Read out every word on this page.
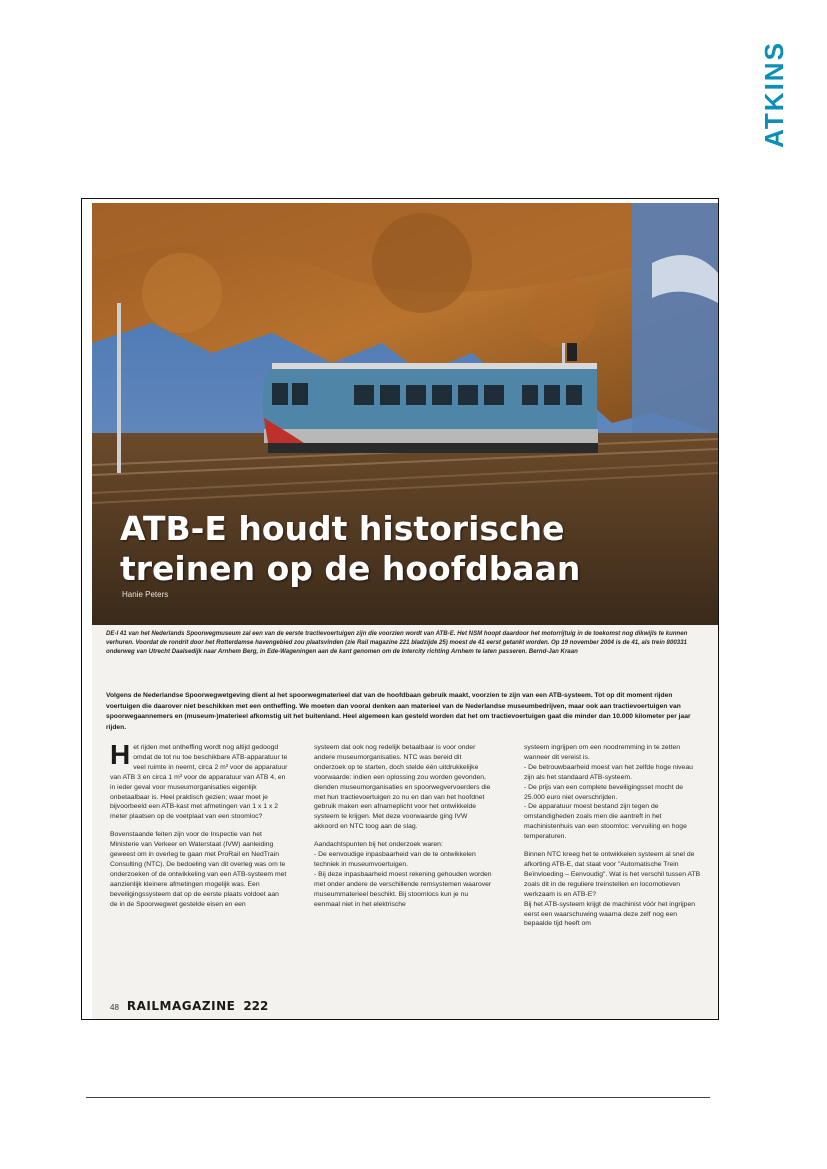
ATKINS
ATB-E houdt historische
treinen op de hoofdbaan
Hanie Peters

DE-I 41 van het Nederlands Spoorwegmuseum zal een van de eerste tractievoertuigen zijn die voorzien wordt van ATB-E. Het NSM hoopt daardoor het motorrijtuig in de toekomst nog dikwijls te kunnen verhuren. Voordat de rondrit door het Rotterdamse havengebied zou plaatsvinden (zie Rail magazine 221 bladzijde 25) moest de 41 eerst getankt worden. Op 19 november 2004 is de 41, als trein 800331 onderweg van Utrecht Daalsedijk naar Arnhem Berg, in Ede-Wageningen aan de kant genomen om de Intercity richting Arnhem te laten passeren. Bernd-Jan Kraan

Volgens de Nederlandse Spoorwegwetgeving dient al het spoorwegmaterieel dat van de hoofdbaan gebruik maakt, voorzien te zijn van een ATB-systeem. Tot op dit moment rijden voertuigen die daarover niet beschikken met een ontheffing. We moeten dan vooral denken aan materieel van de Nederlandse museumbedrijven, maar ook aan tractievoertuigen van spoorwegaannemers en (museum-)materieel afkomstig uit het buitenland. Heel algemeen kan gesteld worden dat het om tractievoertuigen gaat die minder dan 10.000 kilometer per jaar rijden.

Het rijden met ontheffing wordt nog altijd gedoogd omdat de tot nu toe beschikbare ATB-apparatuur te veel ruimte in neemt, circa 2 m³ voor de apparatuur van ATB 3 en circa 1 m³ voor de apparatuur van ATB 4, en in ieder geval voor museumorganisaties eigenlijk onbetaalbaar is. Heel praktisch gezien; waar moet je bijvoorbeeld een ATB-kast met afmetingen van 1 x 1 x 2 meter plaatsen op de voetplaat van een stoomloc?

Bovenstaande feiten zijn voor de Inspectie van het Ministerie van Verkeer en Waterstaat (IVW) aanleiding geweest om in overleg te gaan met ProRail en NedTrain Consulting (NTC). De bedoeling van dit overleg was om te onderzoeken of de ontwikkeling van een ATB-systeem met aanzienlijk kleinere afmetingen mogelijk was. Een beveiligingssysteem dat op de eerste plaats voldoet aan de in de Spoorwegwet gestelde eisen en een

systeem dat ook nog redelijk betaalbaar is voor onder andere museumorganisaties. NTC was bereid dit onderzoek op te starten, doch stelde één uitdrukkelijke voorwaarde: indien een oplossing zou worden gevonden, dienden museumorganisaties en spoorwegvervoerders die met hun tractievoertuigen zo nu en dan van het hoofdnet gebruik maken een afnameplicht voor het ontwikkelde systeem te krijgen. Met deze voorwaarde ging IVW akkoord en NTC toog aan de slag.

Aandachtspunten bij het onderzoek waren:

- De eenvoudige inpasbaarheid van de te ontwikkelen techniek in museumvoertuigen.
- Bij deze inpasbaarheid moest rekening gehouden worden met onder andere de verschillende remsystemen waarover museummaterieel beschikt. Bij stoomlocs kun je nu eenmaal niet in het elektrische

systeem ingrijpen om een noodremming in te zetten wanneer dit vereist is.

- De betrouwbaarheid moest van het zelfde hoge niveau zijn als het standaard ATB-systeem.
- De prijs van een complete beveiligingsset mocht de 25.000 euro niet overschrijden.
- De apparatuur moest bestand zijn tegen de omstandigheden zoals men die aantreft in het machinistenhuis van een stoomloc: vervuiling en hoge temperaturen.

Binnen NTC kreeg het te ontwikkelen systeem al snel de afkorting ATB-E, dat staat voor "Automatische Trein Beïnvloeding – Eenvoudig". Wat is het verschil tussen ATB zoals dit in de reguliere treinstellen en locomotieven werkzaam is en ATB-E?

Bij het ATB-systeem krijgt de machinist vóór het ingrijpen eerst een waarschuwing waarna deze zelf nog een bepaalde tijd heeft om

48 RAILMAGAZINE 222
